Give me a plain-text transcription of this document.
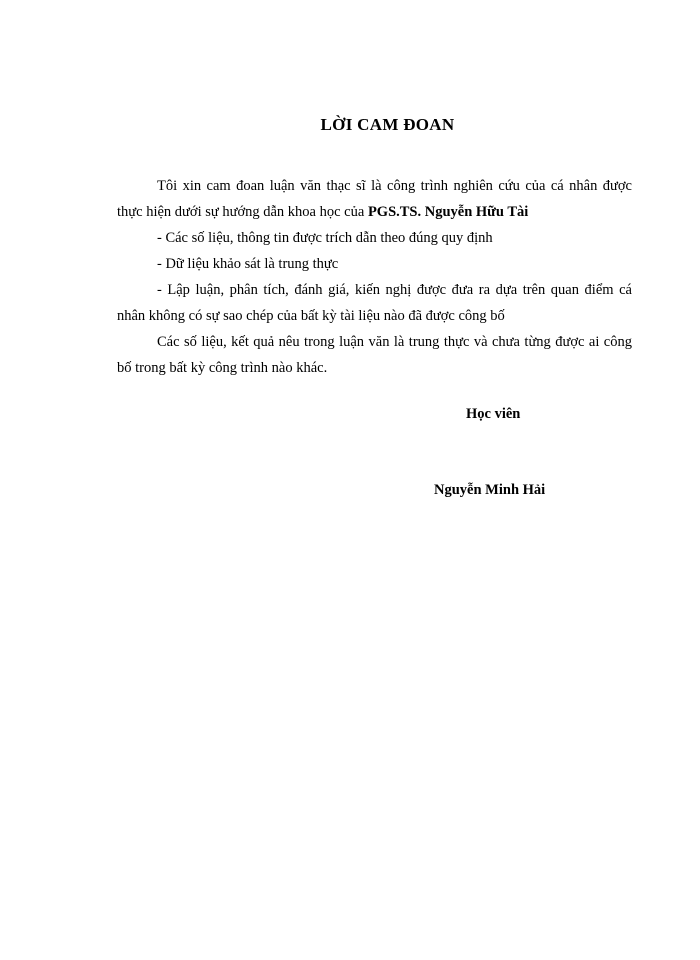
LỜI CAM ĐOAN

Tôi xin cam đoan luận văn thạc sĩ là công trình nghiên cứu của cá nhân được thực hiện dưới sự hướng dẫn khoa học của PGS.TS. Nguyễn Hữu Tài

- Các số liệu, thông tin được trích dẫn theo đúng quy định

- Dữ liệu khảo sát là trung thực

- Lập luận, phân tích, đánh giá, kiến nghị được đưa ra dựa trên quan điểm cá nhân không có sự sao chép của bất kỳ tài liệu nào đã được công bố

Các số liệu, kết quả nêu trong luận văn là trung thực và chưa từng được ai công bố trong bất kỳ công trình nào khác.

Học viên
Nguyễn Minh Hải
